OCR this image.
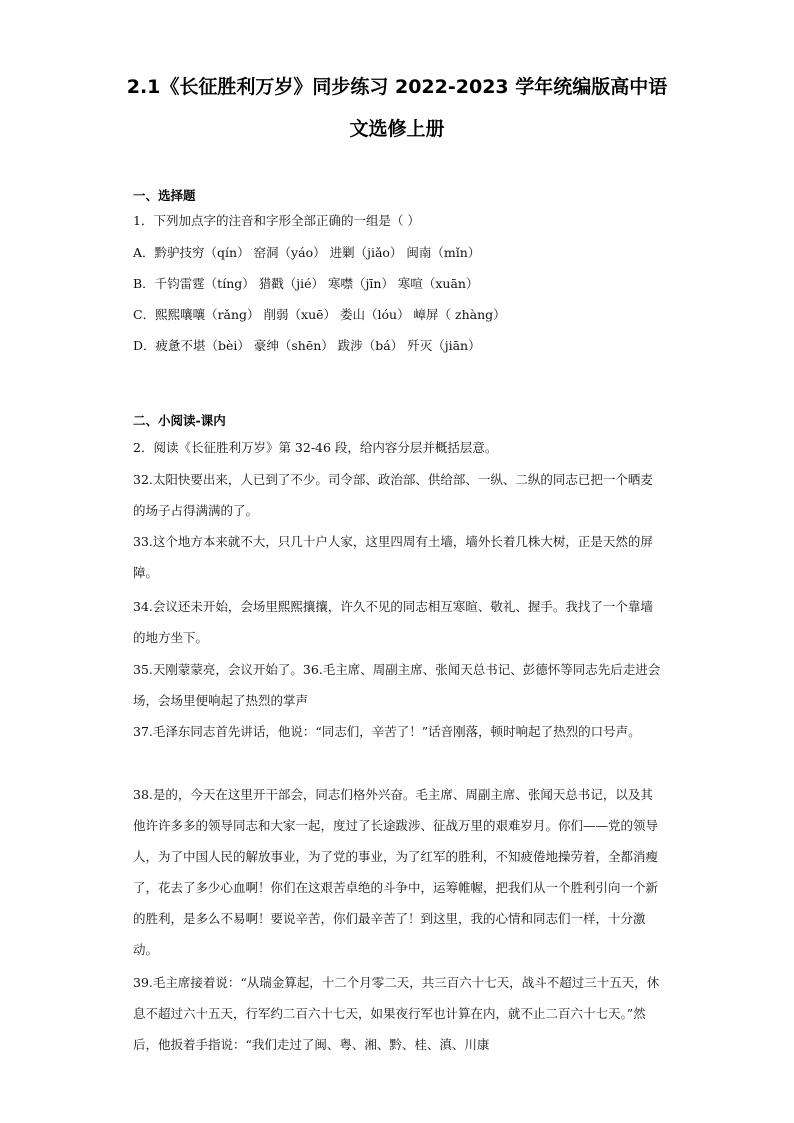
2.1《长征胜利万岁》同步练习 2022-2023 学年统编版高中语
文选修上册
一、选择题
1．下列加点字的注音和字形全部正确的一组是（ ）
A．黔驴技穷（qín） 窑洞（yáo） 进剿（jiǎo） 闽南（mǐn）
B．千钧雷霆（tíng） 猎戳（jié） 寒噤（jīn） 寒喧（xuān）
C．熙熙嚷嚷（rǎng） 削弱（xuē） 娄山（lóu） 嶂屏（ zhàng）
D．疲惫不堪（bèi） 豪绅（shēn） 跋涉（bá） 歼灭（jiān）
二、小阅读-课内
2．阅读《长征胜利万岁》第 32-46 段，给内容分层并概括层意。

32.太阳快要出来，人已到了不少。司令部、政治部、供给部、一纵、二纵的同志已把一个晒麦的场子占得满满的了。

33.这个地方本来就不大，只几十户人家，这里四周有土墙，墙外长着几株大树，正是天然的屏障。

34.会议还未开始，会场里熙熙攘攘，许久不见的同志相互寒暄、敬礼、握手。我找了一个靠墙的地方坐下。

35.天刚蒙蒙亮，会议开始了。36.毛主席、周副主席、张闻天总书记、彭德怀等同志先后走进会场，会场里便响起了热烈的掌声

37.毛泽东同志首先讲话，他说：“同志们，辛苦了！”话音刚落，顿时响起了热烈的口号声。

38.是的，今天在这里开干部会，同志们格外兴奋。毛主席、周副主席、张闻天总书记，以及其他许许多多的领导同志和大家一起，度过了长途跋涉、征战万里的艰难岁月。你们——党的领导人，为了中国人民的解放事业，为了党的事业，为了红军的胜利，不知疲倦地操劳着，全都消瘦了，花去了多少心血啊！你们在这艰苦卓绝的斗争中，运筹帷幄，把我们从一个胜利引向一个新的胜利，是多么不易啊！要说辛苦，你们最辛苦了！到这里，我的心情和同志们一样，十分激动。

39.毛主席接着说：“从瑞金算起，十二个月零二天，共三百六十七天，战斗不超过三十五天，休息不超过六十五天，行军约二百六十七天，如果夜行军也计算在内，就不止二百六十七天。”然后，他扳着手指说：“我们走过了闽、粤、湘、黔、桂、滇、川康
